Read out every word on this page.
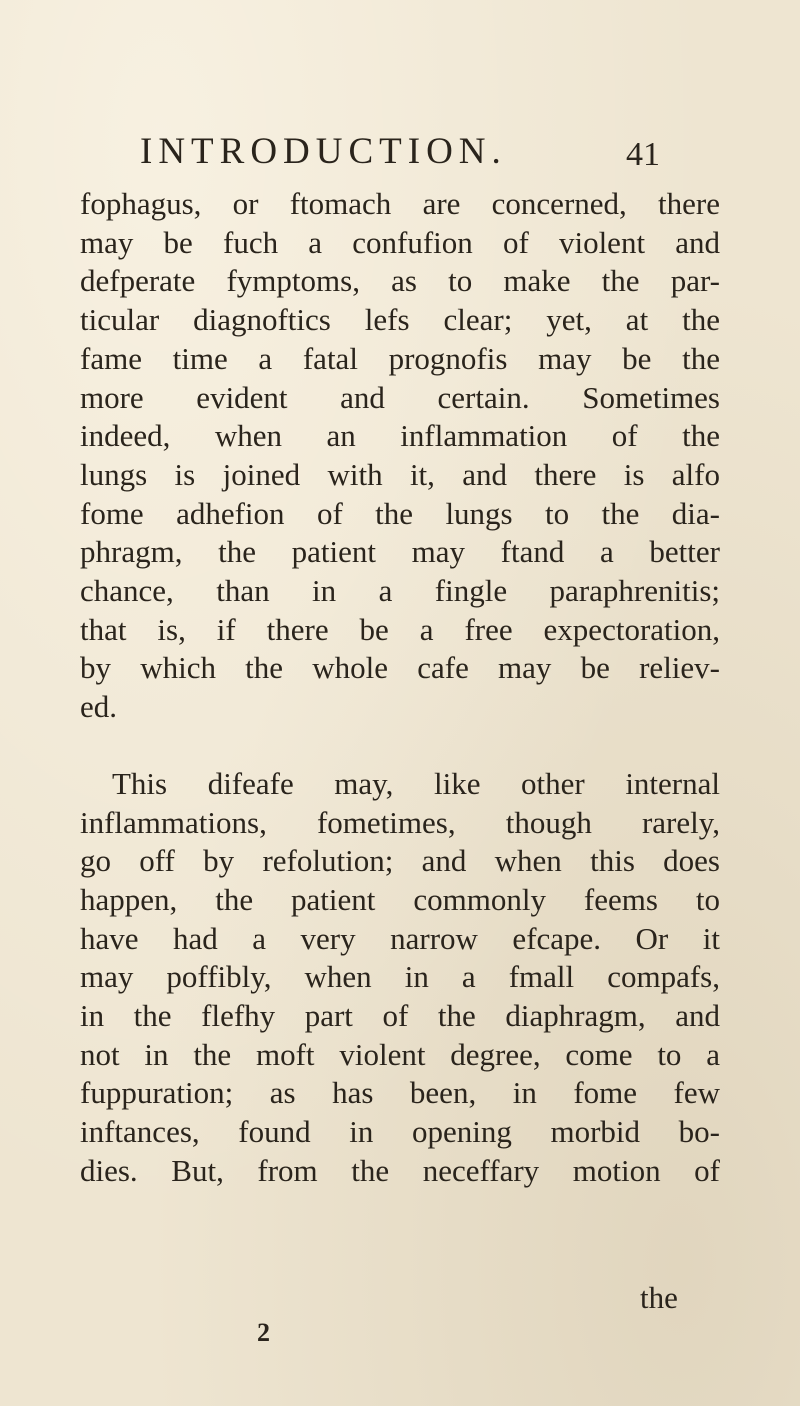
INTRODUCTION.	41

fophagus, or ftomach are concerned, there
may be fuch a confufion of violent and
defperate fymptoms, as to make the par-
ticular diagnoftics lefs clear; yet, at the
fame time a fatal prognofis may be the
more evident and certain. Sometimes
indeed, when an inflammation of the
lungs is joined with it, and there is alfo
fome adhefion of the lungs to the dia-
phragm, the patient may ftand a better
chance, than in a fingle paraphrenitis;
that is, if there be a free expectoration,
by which the whole cafe may be reliev-
ed.

This difeafe may, like other internal
inflammations, fometimes, though rarely,
go off by refolution; and when this does
happen, the patient commonly feems to
have had a very narrow efcape. Or it
may poffibly, when in a fmall compafs,
in the flefhy part of the diaphragm, and
not in the moft violent degree, come to a
fuppuration; as has been, in fome few
inftances, found in opening morbid bo-
dies. But, from the neceffary motion of

the
2
